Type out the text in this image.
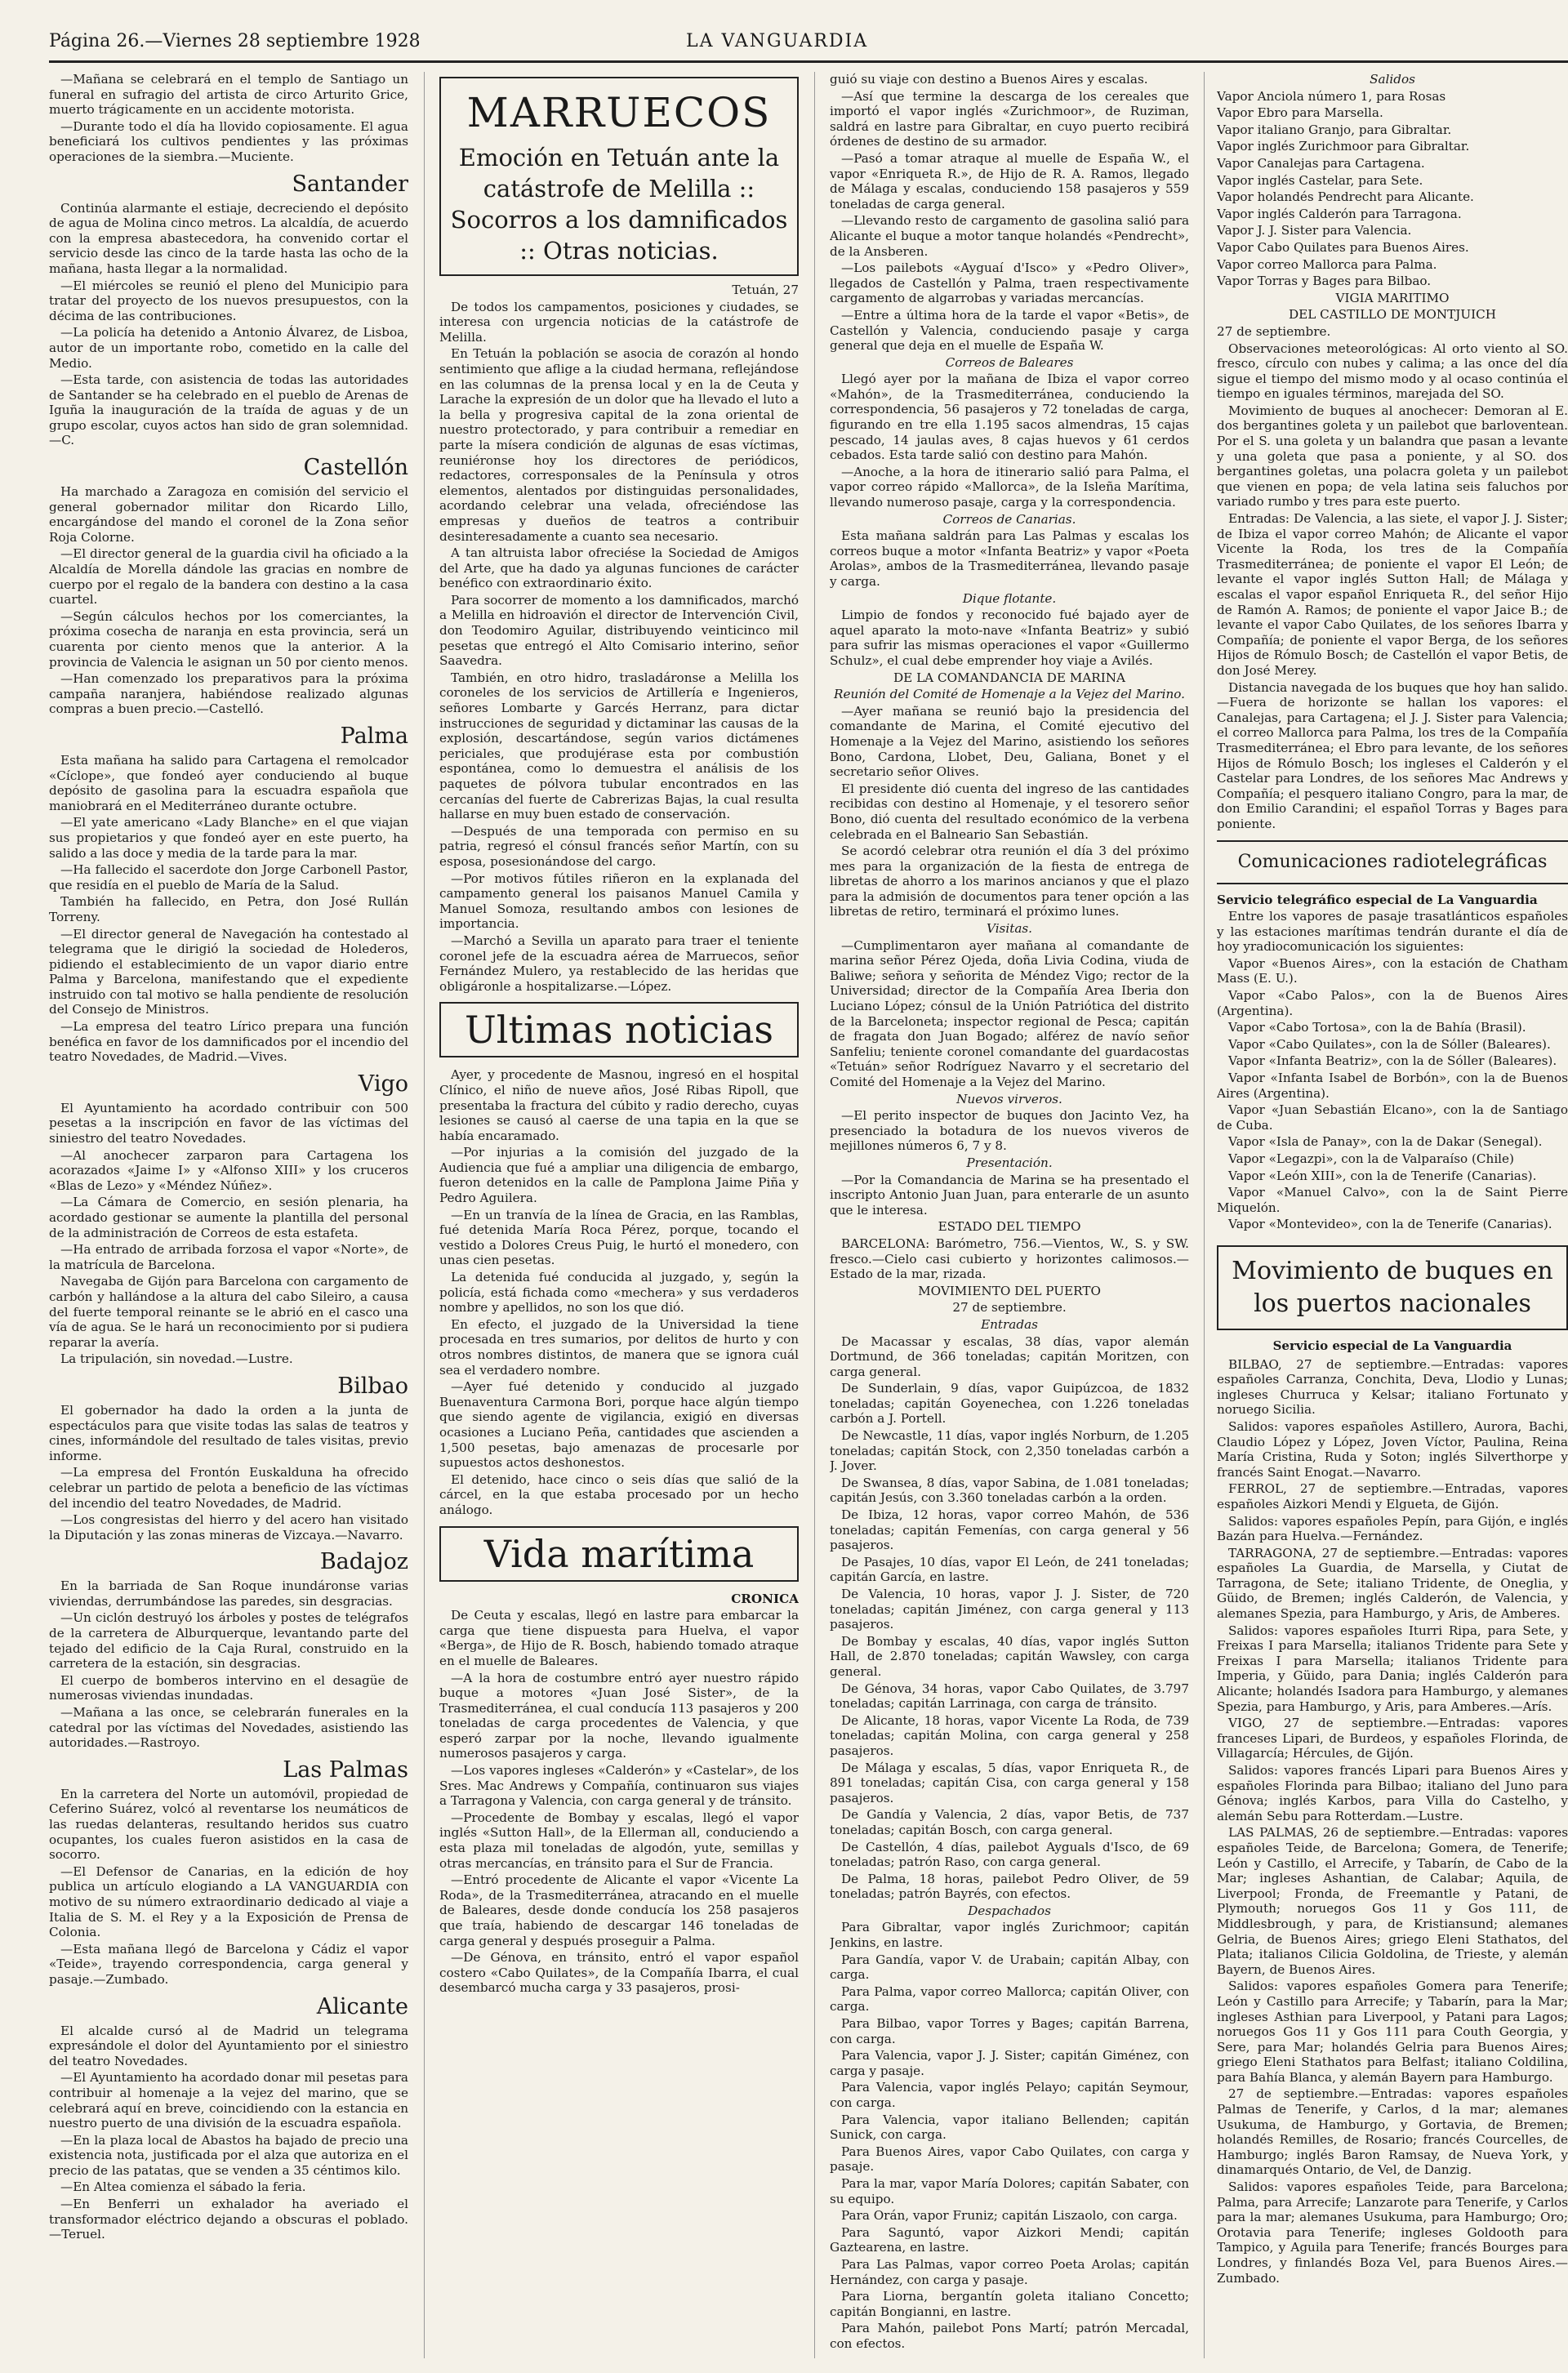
Página 26.—Viernes 28 septiembre 1928	LA VANGUARDIA

—Mañana se celebrará en el templo de Santiago un funeral en sufragio del artista de circo Arturito Grice, muerto trágicamente en un accidente motorista.

—Durante todo el día ha llovido copiosamente. El agua beneficiará los cultivos pendientes y las próximas operaciones de la siembra.—Muciente.

Santander

Continúa alarmante el estiaje, decreciendo el depósito de agua de Molina cinco metros. La alcaldía, de acuerdo con la empresa abastecedora, ha convenido cortar el servicio desde las cinco de la tarde hasta las ocho de la mañana, hasta llegar a la normalidad.

—El miércoles se reunió el pleno del Municipio para tratar del proyecto de los nuevos presupuestos, con la décima de las contribuciones.

—La policía ha detenido a Antonio Álvarez, de Lisboa, autor de un importante robo, cometido en la calle del Medio.

—Esta tarde, con asistencia de todas las autoridades de Santander se ha celebrado en el pueblo de Arenas de Iguña la inauguración de la traída de aguas y de un grupo escolar, cuyos actos han sido de gran solemnidad.—C.

Castellón

Ha marchado a Zaragoza en comisión del servicio el general gobernador militar don Ricardo Lillo, encargándose del mando el coronel de la Zona señor Roja Colorne.

—El director general de la guardia civil ha oficiado a la Alcaldía de Morella dándole las gracias en nombre de cuerpo por el regalo de la bandera con destino a la casa cuartel.

—Según cálculos hechos por los comerciantes, la próxima cosecha de naranja en esta provincia, será un cuarenta por ciento menos que la anterior. A la provincia de Valencia le asignan un 50 por ciento menos.

—Han comenzado los preparativos para la próxima campaña naranjera, habiéndose realizado algunas compras a buen precio.—Castelló.

Palma

Esta mañana ha salido para Cartagena el remolcador «Cíclope», que fondeó ayer conduciendo al buque depósito de gasolina para la escuadra española que maniobrará en el Mediterráneo durante octubre.

—El yate americano «Lady Blanche» en el que viajan sus propietarios y que fondeó ayer en este puerto, ha salido a las doce y media de la tarde para la mar.

—Ha fallecido el sacerdote don Jorge Carbonell Pastor, que residía en el pueblo de María de la Salud.

También ha fallecido, en Petra, don José Rullán Torreny.

—El director general de Navegación ha contestado al telegrama que le dirigió la sociedad de Holederos, pidiendo el establecimiento de un vapor diario entre Palma y Barcelona, manifestando que el expediente instruido con tal motivo se halla pendiente de resolución del Consejo de Ministros.

—La empresa del teatro Lírico prepara una función benéfica en favor de los damnificados por el incendio del teatro Novedades, de Madrid.—Vives.

Vigo

El Ayuntamiento ha acordado contribuir con 500 pesetas a la inscripción en favor de las víctimas del siniestro del teatro Novedades.

—Al anochecer zarparon para Cartagena los acorazados «Jaime I» y «Alfonso XIII» y los cruceros «Blas de Lezo» y «Méndez Núñez».

—La Cámara de Comercio, en sesión plenaria, ha acordado gestionar se aumente la plantilla del personal de la administración de Correos de esta estafeta.

—Ha entrado de arribada forzosa el vapor «Norte», de la matrícula de Barcelona.

Navegaba de Gijón para Barcelona con cargamento de carbón y hallándose a la altura del cabo Sileiro, a causa del fuerte temporal reinante se le abrió en el casco una vía de agua. Se le hará un reconocimiento por si pudiera reparar la avería.

La tripulación, sin novedad.—Lustre.

Bilbao

El gobernador ha dado la orden a la junta de espectáculos para que visite todas las salas de teatros y cines, informándole del resultado de tales visitas, previo informe.

—La empresa del Frontón Euskalduna ha ofrecido celebrar un partido de pelota a beneficio de las víctimas del incendio del teatro Novedades, de Madrid.

—Los congresistas del hierro y del acero han visitado la Diputación y las zonas mineras de Vizcaya.—Navarro.

Badajoz

En la barriada de San Roque inundáronse varias viviendas, derrumbándose las paredes, sin desgracias.

—Un ciclón destruyó los árboles y postes de telégrafos de la carretera de Alburquerque, levantando parte del tejado del edificio de la Caja Rural, construido en la carretera de la estación, sin desgracias.

El cuerpo de bomberos intervino en el desagüe de numerosas viviendas inundadas.

—Mañana a las once, se celebrarán funerales en la catedral por las víctimas del Novedades, asistiendo las autoridades.—Rastroyo.

Las Palmas

En la carretera del Norte un automóvil, propiedad de Ceferino Suárez, volcó al reventarse los neumáticos de las ruedas delanteras, resultando heridos sus cuatro ocupantes, los cuales fueron asistidos en la casa de socorro.

—El Defensor de Canarias, en la edición de hoy publica un artículo elogiando a LA VANGUARDIA con motivo de su número extraordinario dedicado al viaje a Italia de S. M. el Rey y a la Exposición de Prensa de Colonia.

—Esta mañana llegó de Barcelona y Cádiz el vapor «Teide», trayendo correspondencia, carga general y pasaje.—Zumbado.

Alicante

El alcalde cursó al de Madrid un telegrama expresándole el dolor del Ayuntamiento por el siniestro del teatro Novedades.

—El Ayuntamiento ha acordado donar mil pesetas para contribuir al homenaje a la vejez del marino, que se celebrará aquí en breve, coincidiendo con la estancia en nuestro puerto de una división de la escuadra española.

—En la plaza local de Abastos ha bajado de precio una existencia nota, justificada por el alza que autoriza en el precio de las patatas, que se venden a 35 céntimos kilo.

—En Altea comienza el sábado la feria.

—En Benferri un exhalador ha averiado el transformador eléctrico dejando a obscuras el poblado.—Teruel.

MARRUECOS
Emoción en Tetuán ante la catástrofe de Melilla :: Socorros a los damnificados :: Otras noticias.
Tetuán, 27

De todos los campamentos, posiciones y ciudades, se interesa con urgencia noticias de la catástrofe de Melilla.

En Tetuán la población se asocia de corazón al hondo sentimiento que aflige a la ciudad hermana, reflejándose en las columnas de la prensa local y en la de Ceuta y Larache la expresión de un dolor que ha llevado el luto a la bella y progresiva capital de la zona oriental de nuestro protectorado, y para contribuir a remediar en parte la mísera condición de algunas de esas víctimas, reuniéronse hoy los directores de periódicos, redactores, corresponsales de la Península y otros elementos, alentados por distinguidas personalidades, acordando celebrar una velada, ofreciéndose las empresas y dueños de teatros a contribuir desinteresadamente a cuanto sea necesario.

A tan altruista labor ofreciése la Sociedad de Amigos del Arte, que ha dado ya algunas funciones de carácter benéfico con extraordinario éxito.

Para socorrer de momento a los damnificados, marchó a Melilla en hidroavión el director de Intervención Civil, don Teodomiro Aguilar, distribuyendo veinticinco mil pesetas que entregó el Alto Comisario interino, señor Saavedra.

También, en otro hidro, trasladáronse a Melilla los coroneles de los servicios de Artillería e Ingenieros, señores Lombarte y Garcés Herranz, para dictar instrucciones de seguridad y dictaminar las causas de la explosión, descartándose, según varios dictámenes periciales, que produjérase esta por combustión espontánea, como lo demuestra el análisis de los paquetes de pólvora tubular encontrados en las cercanías del fuerte de Cabrerizas Bajas, la cual resulta hallarse en muy buen estado de conservación.

—Después de una temporada con permiso en su patria, regresó el cónsul francés señor Martín, con su esposa, posesionándose del cargo.

—Por motivos fútiles riñeron en la explanada del campamento general los paisanos Manuel Camila y Manuel Somoza, resultando ambos con lesiones de importancia.

—Marchó a Sevilla un aparato para traer el teniente coronel jefe de la escuadra aérea de Marruecos, señor Fernández Mulero, ya restablecido de las heridas que obligáronle a hospitalizarse.—López.

Ultimas noticias

Ayer, y procedente de Masnou, ingresó en el hospital Clínico, el niño de nueve años, José Ribas Ripoll, que presentaba la fractura del cúbito y radio derecho, cuyas lesiones se causó al caerse de una tapia en la que se había encaramado.

—Por injurias a la comisión del juzgado de la Audiencia que fué a ampliar una diligencia de embargo, fueron detenidos en la calle de Pamplona Jaime Piña y Pedro Aguilera.

—En un tranvía de la línea de Gracia, en las Ramblas, fué detenida María Roca Pérez, porque, tocando el vestido a Dolores Creus Puig, le hurtó el monedero, con unas cien pesetas.

La detenida fué conducida al juzgado, y, según la policía, está fichada como «mechera» y sus verdaderos nombre y apellidos, no son los que dió.

En efecto, el juzgado de la Universidad la tiene procesada en tres sumarios, por delitos de hurto y con otros nombres distintos, de manera que se ignora cuál sea el verdadero nombre.

—Ayer fué detenido y conducido al juzgado Buenaventura Carmona Bori, porque hace algún tiempo que siendo agente de vigilancia, exigió en diversas ocasiones a Luciano Peña, cantidades que ascienden a 1,500 pesetas, bajo amenazas de procesarle por supuestos actos deshonestos.

El detenido, hace cinco o seis días que salió de la cárcel, en la que estaba procesado por un hecho análogo.

Vida marítima
CRONICA

De Ceuta y escalas, llegó en lastre para embarcar la carga que tiene dispuesta para Huelva, el vapor «Berga», de Hijo de R. Bosch, habiendo tomado atraque en el muelle de Baleares.

—A la hora de costumbre entró ayer nuestro rápido buque a motores «Juan José Sister», de la Trasmediterránea, el cual conducía 113 pasajeros y 200 toneladas de carga procedentes de Valencia, y que esperó zarpar por la noche, llevando igualmente numerosos pasajeros y carga.

—Los vapores ingleses «Calderón» y «Castelar», de los Sres. Mac Andrews y Compañía, continuaron sus viajes a Tarragona y Valencia, con carga general y de tránsito.

—Procedente de Bombay y escalas, llegó el vapor inglés «Sutton Hall», de la Ellerman all, conduciendo a esta plaza mil toneladas de algodón, yute, semillas y otras mercancías, en tránsito para el Sur de Francia.

—Entró procedente de Alicante el vapor «Vicente La Roda», de la Trasmediterránea, atracando en el muelle de Baleares, desde donde conducía los 258 pasajeros que traía, habiendo de descargar 146 toneladas de carga general y después proseguir a Palma.

—De Génova, en tránsito, entró el vapor español costero «Cabo Quilates», de la Compañía Ibarra, el cual desembarcó mucha carga y 33 pasajeros, prosi-

guió su viaje con destino a Buenos Aires y escalas.

—Así que termine la descarga de los cereales que importó el vapor inglés «Zurichmoor», de Ruziman, saldrá en lastre para Gibraltar, en cuyo puerto recibirá órdenes de destino de su armador.

—Pasó a tomar atraque al muelle de España W., el vapor «Enriqueta R.», de Hijo de R. A. Ramos, llegado de Málaga y escalas, conduciendo 158 pasajeros y 559 toneladas de carga general.

—Llevando resto de cargamento de gasolina salió para Alicante el buque a motor tanque holandés «Pendrecht», de la Ansberen.

—Los pailebots «Ayguaí d'Isco» y «Pedro Oliver», llegados de Castellón y Palma, traen respectivamente cargamento de algarrobas y variadas mercancías.

—Entre a última hora de la tarde el vapor «Betis», de Castellón y Valencia, conduciendo pasaje y carga general que deja en el muelle de España W.

Correos de Baleares

Llegó ayer por la mañana de Ibiza el vapor correo «Mahón», de la Trasmediterránea, conduciendo la correspondencia, 56 pasajeros y 72 toneladas de carga, figurando en tre ella 1.195 sacos almendras, 15 cajas pescado, 14 jaulas aves, 8 cajas huevos y 61 cerdos cebados. Esta tarde salió con destino para Mahón.

—Anoche, a la hora de itinerario salió para Palma, el vapor correo rápido «Mallorca», de la Isleña Marítima, llevando numeroso pasaje, carga y la correspondencia.

Correos de Canarias.

Esta mañana saldrán para Las Palmas y escalas los correos buque a motor «Infanta Beatriz» y vapor «Poeta Arolas», ambos de la Trasmediterránea, llevando pasaje y carga.

Dique flotante.

Limpio de fondos y reconocido fué bajado ayer de aquel aparato la moto-nave «Infanta Beatriz» y subió para sufrir las mismas operaciones el vapor «Guillermo Schulz», el cual debe emprender hoy viaje a Avilés.

DE LA COMANDANCIA DE MARINA

Reunión del Comité de Homenaje a la Vejez del Marino.

—Ayer mañana se reunió bajo la presidencia del comandante de Marina, el Comité ejecutivo del Homenaje a la Vejez del Marino, asistiendo los señores Bono, Cardona, Llobet, Deu, Galiana, Bonet y el secretario señor Olives.

El presidente dió cuenta del ingreso de las cantidades recibidas con destino al Homenaje, y el tesorero señor Bono, dió cuenta del resultado económico de la verbena celebrada en el Balneario San Sebastián.

Se acordó celebrar otra reunión el día 3 del próximo mes para la organización de la fiesta de entrega de libretas de ahorro a los marinos ancianos y que el plazo para la admisión de documentos para tener opción a las libretas de retiro, terminará el próximo lunes.

Visitas.

—Cumplimentaron ayer mañana al comandante de marina señor Pérez Ojeda, doña Livia Codina, viuda de Baliwe; señora y señorita de Méndez Vigo; rector de la Universidad; director de la Compañía Area Iberia don Luciano López; cónsul de la Unión Patriótica del distrito de la Barceloneta; inspector regional de Pesca; capitán de fragata don Juan Bogado; alférez de navío señor Sanfeliu; teniente coronel comandante del guardacostas «Tetuán» señor Rodríguez Navarro y el secretario del Comité del Homenaje a la Vejez del Marino.

Nuevos virveros.

—El perito inspector de buques don Jacinto Vez, ha presenciado la botadura de los nuevos viveros de mejillones números 6, 7 y 8.

Presentación.

—Por la Comandancia de Marina se ha presentado el inscripto Antonio Juan Juan, para enterarle de un asunto que le interesa.

ESTADO DEL TIEMPO

BARCELONA: Barómetro, 756.—Vientos, W., S. y SW. fresco.—Cielo casi cubierto y horizontes calimosos.—Estado de la mar, rizada.

MOVIMIENTO DEL PUERTO

27 de septiembre.

Entradas

De Macassar y escalas, 38 días, vapor alemán Dortmund, de 366 toneladas; capitán Moritzen, con carga general.

De Sunderlain, 9 días, vapor Guipúzcoa, de 1832 toneladas; capitán Goyenechea, con 1.226 toneladas carbón a J. Portell.

De Newcastle, 11 días, vapor inglés Norburn, de 1.205 toneladas; capitán Stock, con 2,350 toneladas carbón a J. Jover.

De Swansea, 8 días, vapor Sabina, de 1.081 toneladas; capitán Jesús, con 3.360 toneladas carbón a la orden.

De Ibiza, 12 horas, vapor correo Mahón, de 536 toneladas; capitán Femenías, con carga general y 56 pasajeros.

De Pasajes, 10 días, vapor El León, de 241 toneladas; capitán García, en lastre.

De Valencia, 10 horas, vapor J. J. Sister, de 720 toneladas; capitán Jiménez, con carga general y 113 pasajeros.

De Bombay y escalas, 40 días, vapor inglés Sutton Hall, de 2.870 toneladas; capitán Wawsley, con carga general.

De Génova, 34 horas, vapor Cabo Quilates, de 3.797 toneladas; capitán Larrinaga, con carga de tránsito.

De Alicante, 18 horas, vapor Vicente La Roda, de 739 toneladas; capitán Molina, con carga general y 258 pasajeros.

De Málaga y escalas, 5 días, vapor Enriqueta R., de 891 toneladas; capitán Cisa, con carga general y 158 pasajeros.

De Gandía y Valencia, 2 días, vapor Betis, de 737 toneladas; capitán Bosch, con carga general.

De Castellón, 4 días, pailebot Ayguals d'Isco, de 69 toneladas; patrón Raso, con carga general.

De Palma, 18 horas, pailebot Pedro Oliver, de 59 toneladas; patrón Bayrés, con efectos.

Despachados

Para Gibraltar, vapor inglés Zurichmoor; capitán Jenkins, en lastre.

Para Gandía, vapor V. de Urabain; capitán Albay, con carga.

Para Palma, vapor correo Mallorca; capitán Oliver, con carga.

Para Bilbao, vapor Torres y Bages; capitán Barrena, con carga.

Para Valencia, vapor J. J. Sister; capitán Giménez, con carga y pasaje.

Para Valencia, vapor inglés Pelayo; capitán Seymour, con carga.

Para Valencia, vapor italiano Bellenden; capitán Sunick, con carga.

Para Buenos Aires, vapor Cabo Quilates, con carga y pasaje.

Para la mar, vapor María Dolores; capitán Sabater, con su equipo.

Para Orán, vapor Fruniz; capitán Liszaolo, con carga.

Para Saguntó, vapor Aizkori Mendi; capitán Gaztearena, en lastre.

Para Las Palmas, vapor correo Poeta Arolas; capitán Hernández, con carga y pasaje.

Para Liorna, bergantín goleta italiano Concetto; capitán Bongianni, en lastre.

Para Mahón, pailebot Pons Martí; patrón Mercadal, con efectos.

Salidos

Vapor Anciola número 1, para Rosas

Vapor Ebro para Marsella.

Vapor italiano Granjo, para Gibraltar.

Vapor inglés Zurichmoor para Gibraltar.

Vapor Canalejas para Cartagena.

Vapor inglés Castelar, para Sete.

Vapor holandés Pendrecht para Alicante.

Vapor inglés Calderón para Tarragona.

Vapor J. J. Sister para Valencia.

Vapor Cabo Quilates para Buenos Aires.

Vapor correo Mallorca para Palma.

Vapor Torras y Bages para Bilbao.

VIGIA MARITIMO

DEL CASTILLO DE MONTJUICH

27 de septiembre.

Observaciones meteorológicas: Al orto viento al SO. fresco, círculo con nubes y calima; a las once del día sigue el tiempo del mismo modo y al ocaso continúa el tiempo en iguales términos, marejada del SO.

Movimiento de buques al anochecer: Demoran al E. dos bergantines goleta y un pailebot que barloventean. Por el S. una goleta y un balandra que pasan a levante y una goleta que pasa a poniente, y al SO. dos bergantines goletas, una polacra goleta y un pailebot que vienen en popa; de vela latina seis faluchos por variado rumbo y tres para este puerto.

Entradas: De Valencia, a las siete, el vapor J. J. Sister; de Ibiza el vapor correo Mahón; de Alicante el vapor Vicente la Roda, los tres de la Compañía Trasmediterránea; de poniente el vapor El León; de levante el vapor inglés Sutton Hall; de Málaga y escalas el vapor español Enriqueta R., del señor Hijo de Ramón A. Ramos; de poniente el vapor Jaice B.; de levante el vapor Cabo Quilates, de los señores Ibarra y Compañía; de poniente el vapor Berga, de los señores Hijos de Rómulo Bosch; de Castellón el vapor Betis, de don José Merey.

Distancia navegada de los buques que hoy han salido.—Fuera de horizonte se hallan los vapores: el Canalejas, para Cartagena; el J. J. Sister para Valencia; el correo Mallorca para Palma, los tres de la Compañía Trasmediterránea; el Ebro para levante, de los señores Hijos de Rómulo Bosch; los ingleses el Calderón y el Castelar para Londres, de los señores Mac Andrews y Compañía; el pesquero italiano Congro, para la mar, de don Emilio Carandini; el español Torras y Bages para poniente.

Comunicaciones radiotelegráficas

Servicio telegráfico especial de La Vanguardia

Entre los vapores de pasaje trasatlánticos españoles y las estaciones marítimas tendrán durante el día de hoy yradiocomunicación los siguientes:

Vapor «Buenos Aires», con la estación de Chatham Mass (E. U.).

Vapor «Cabo Palos», con la de Buenos Aires (Argentina).

Vapor «Cabo Tortosa», con la de Bahía (Brasil).

Vapor «Cabo Quilates», con la de Sóller (Baleares).

Vapor «Infanta Beatriz», con la de Sóller (Baleares).

Vapor «Infanta Isabel de Borbón», con la de Buenos Aires (Argentina).

Vapor «Juan Sebastián Elcano», con la de Santiago de Cuba.

Vapor «Isla de Panay», con la de Dakar (Senegal).

Vapor «Legazpi», con la de Valparaíso (Chile)

Vapor «León XIII», con la de Tenerife (Canarias).

Vapor «Manuel Calvo», con la de Saint Pierre Miquelón.

Vapor «Montevideo», con la de Tenerife (Canarias).

Movimiento de buques en los puertos nacionales
Servicio especial de La Vanguardia

BILBAO, 27 de septiembre.—Entradas: vapores españoles Carranza, Conchita, Deva, Llodio y Lunas; ingleses Churruca y Kelsar; italiano Fortunato y noruego Sicilia.

Salidos: vapores españoles Astillero, Aurora, Bachi, Claudio López y López, Joven Víctor, Paulina, Reina María Cristina, Ruda y Soton; inglés Silverthorpe y francés Saint Enogat.—Navarro.

FERROL, 27 de septiembre.—Entradas, vapores españoles Aizkori Mendi y Elgueta, de Gijón.

Salidos: vapores españoles Pepín, para Gijón, e inglés Bazán para Huelva.—Fernández.

TARRAGONA, 27 de septiembre.—Entradas: vapores españoles La Guardia, de Marsella, y Ciutat de Tarragona, de Sete; italiano Tridente, de Oneglia, y Güido, de Bremen; inglés Calderón, de Valencia, y alemanes Spezia, para Hamburgo, y Aris, de Amberes.

Salidos: vapores españoles Iturri Ripa, para Sete, y Freixas I para Marsella; italianos Tridente para Sete y Freixas I para Marsella; italianos Tridente para Imperia, y Güido, para Dania; inglés Calderón para Alicante; holandés Isadora para Hamburgo, y alemanes Spezia, para Hamburgo, y Aris, para Amberes.—Arís.

VIGO, 27 de septiembre.—Entradas: vapores franceses Lipari, de Burdeos, y españoles Florinda, de Villagarcía; Hércules, de Gijón.

Salidos: vapores francés Lipari para Buenos Aires y españoles Florinda para Bilbao; italiano del Juno para Génova; inglés Karbos, para Villa do Castelho, y alemán Sebu para Rotterdam.—Lustre.

LAS PALMAS, 26 de septiembre.—Entradas: vapores españoles Teide, de Barcelona; Gomera, de Tenerife; León y Castillo, el Arrecife, y Tabarín, de Cabo de la Mar; ingleses Ashantian, de Calabar; Aquila, de Liverpool; Fronda, de Freemantle y Patani, de Plymouth; noruegos Gos 11 y Gos 111, de Middlesbrough, y para, de Kristiansund; alemanes Gelria, de Buenos Aires; griego Eleni Stathatos, del Plata; italianos Cilicia Goldolina, de Trieste, y alemán Bayern, de Buenos Aires.

Salidos: vapores españoles Gomera para Tenerife; León y Castillo para Arrecife; y Tabarín, para la Mar; ingleses Asthian para Liverpool, y Patani para Lagos; noruegos Gos 11 y Gos 111 para Couth Georgia, y Sere, para Mar; holandés Gelria para Buenos Aires; griego Eleni Stathatos para Belfast; italiano Coldilina, para Bahía Blanca, y alemán Bayern para Hamburgo.

27 de septiembre.—Entradas: vapores españoles Palmas de Tenerife, y Carlos, d la mar; alemanes Usukuma, de Hamburgo, y Gortavia, de Bremen; holandés Remilles, de Rosario; francés Courcelles, de Hamburgo; inglés Baron Ramsay, de Nueva York, y dinamarqués Ontario, de Vel, de Danzig.

Salidos: vapores españoles Teide, para Barcelona; Palma, para Arrecife; Lanzarote para Tenerife, y Carlos para la mar; alemanes Usukuma, para Hamburgo; Oro; Orotavia para Tenerife; ingleses Goldooth para Tampico, y Aguila para Tenerife; francés Bourges para Londres, y finlandés Boza Vel, para Buenos Aires.—Zumbado.
